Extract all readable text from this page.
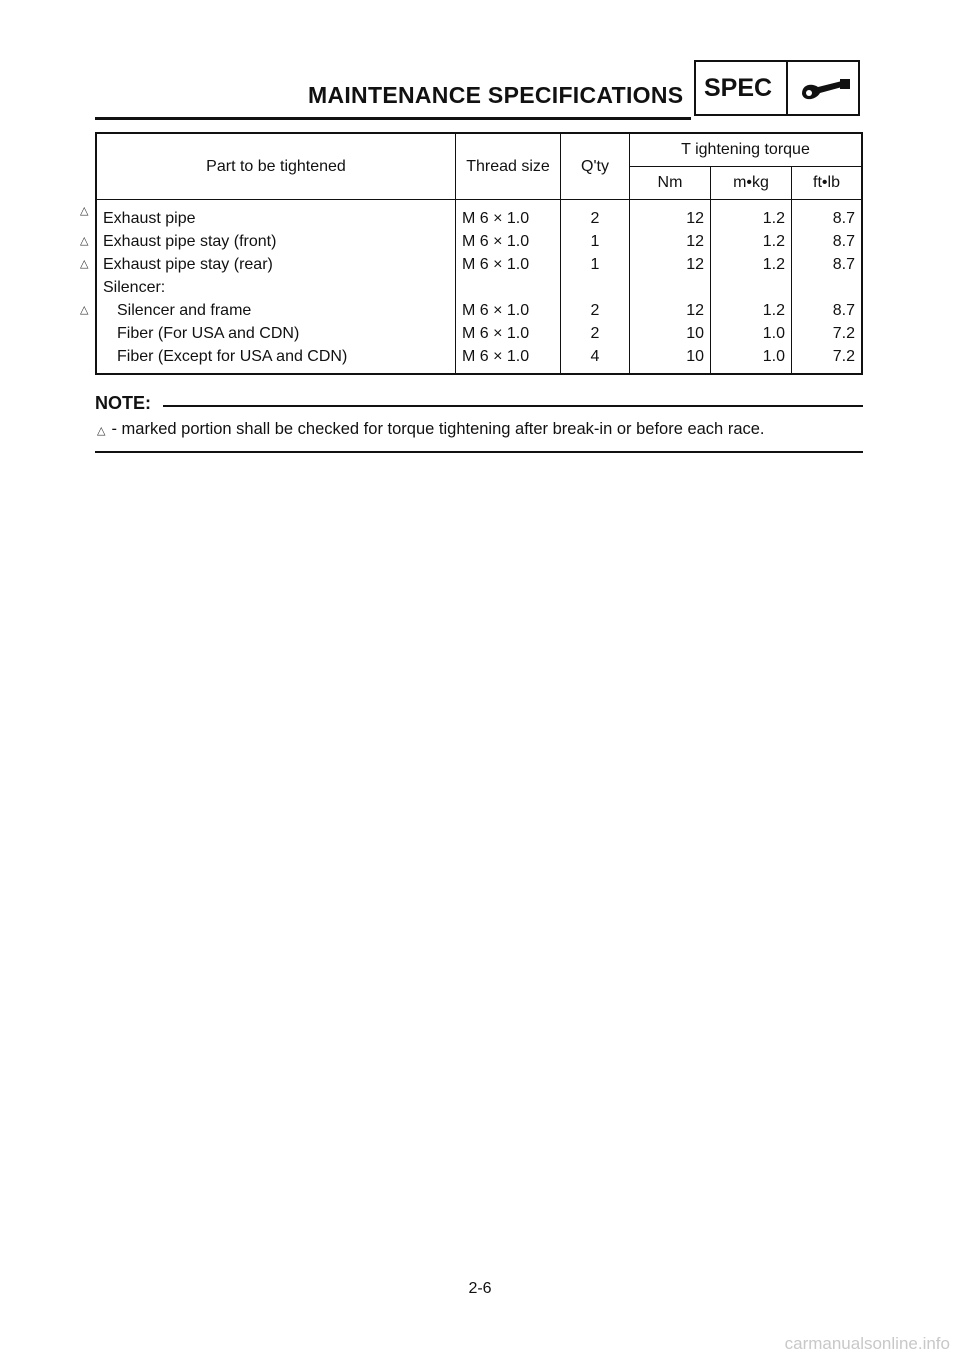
MAINTENANCE SPECIFICATIONS SPEC
Part to be tightened	Thread size	Q'ty	T ightening torque		
			Nm	m•kg	ft•lb

△ Exhaust pipe	M 6 × 1.0	2	12	1.2	8.7

△ Exhaust pipe stay (front)	M 6 × 1.0	1	12	1.2	8.7

△ Exhaust pipe stay (rear)	M 6 × 1.0	1	12	1.2	8.7

Silencer:					

△ Silencer and frame	M 6 × 1.0	2	12	1.2	8.7

Fiber (For USA and CDN)	M 6 × 1.0	2	10	1.0	7.2

Fiber (Except for USA and CDN)	M 6 × 1.0	4	10	1.0	7.2
NOTE:
△ - marked portion shall be checked for torque tightening after break-in or before each race.
2-6
carmanualsonline.info
